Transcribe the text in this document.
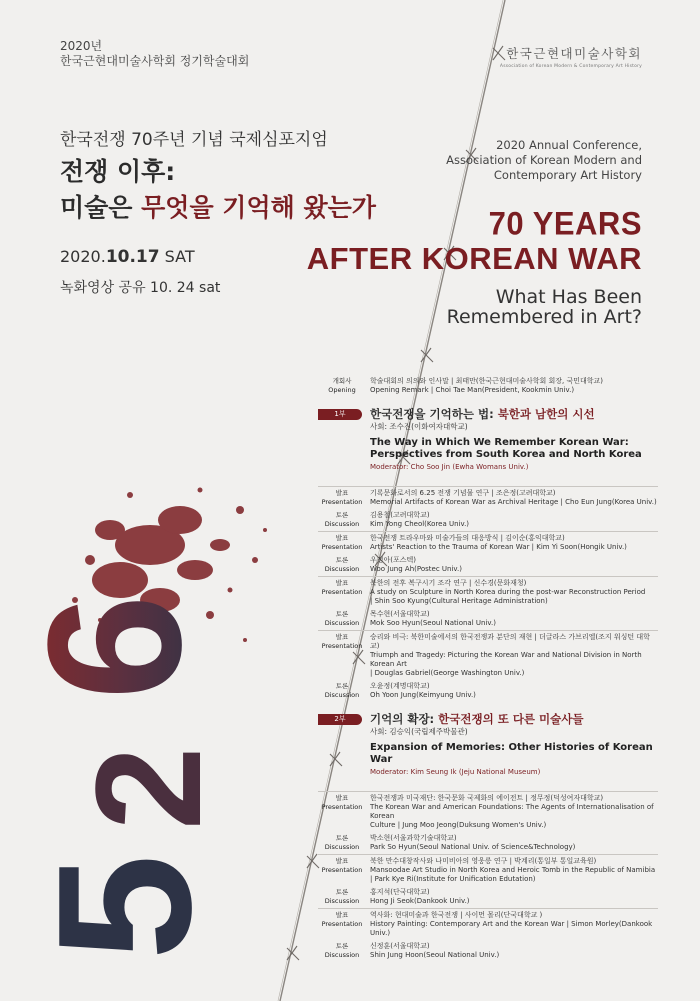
6
2
5
2020년
한국근현대미술사학회 정기학술대회	한국근현대미술사학회
Association of Korean Modern & Contemporary Art History
한국전쟁 70주년 기념 국제심포지엄
전쟁 이후:
미술은 무엇을 기억해 왔는가
2020.10.17 SAT
녹화영상 공유 10. 24 sat
2020 Annual Conference,
Association of Korean Modern and
Contemporary Art History
70 YEARS
AFTER KOREAN WAR
What Has Been
Remembered in Art?
개회사
Opening
학술대회의 의의와 인사말 | 최태만(한국근현대미술사학회 회장, 국민대학교)
Opening Remark | Choi Tae Man(President, Kookmin Univ.)
1부	한국전쟁을 기억하는 법: 북한과 남한의 시선
사회: 조수진(이화여자대학교)
The Way in Which We Remember Korean War:
Perspectives from South Korea and North Korea
Moderator: Cho Soo Jin (Ewha Womans Univ.)
발표
Presentation
기록문화로서의 6.25 전쟁 기념물 연구 | 조은정(고려대학교)
Memorial Artifacts of Korean War as Archival Heritage | Cho Eun Jung(Korea Univ.)
토론
Discussion
김용철(고려대학교)
Kim Yong Cheol(Korea Univ.)
발표
Presentation
한국전쟁 트라우마와 미술가들의 대응방식 | 김이순(홍익대학교)
Artists' Reaction to the Trauma of Korean War | Kim Yi Soon(Hongik Univ.)
토론
Discussion
우정아(포스텍)
Woo Jung Ah(Postec Univ.)
발표
Presentation
북한의 전후 복구시기 조각 연구 | 신수경(문화재청)
A study on Sculpture in North Korea during the post-war Reconstruction Period
| Shin Soo Kyung(Cultural Heritage Administration)
토론
Discussion
목수현(서울대학교)
Mok Soo Hyun(Seoul National Univ.)
발표
Presentation
승리와 비극: 북한미술에서의 한국전쟁과 분단의 재현 | 더글라스 가브리엘(조지 워싱턴 대학교)
Triumph and Tragedy: Picturing the Korean War and National Division in North Korean Art
| Douglas Gabriel(George Washington Univ.)
토론
Discussion
오윤정(계명대학교)
Oh Yoon Jung(Keimyung Univ.)
2부	기억의 확장: 한국전쟁의 또 다른 미술사들
사회: 김승익(국립제주박물관)
Expansion of Memories: Other Histories of Korean War
Moderator: Kim Seung Ik (Jeju National Museum)
발표
Presentation
한국전쟁과 미국재단: 한국문화 국제화의 에이전트 | 정무정(덕성여자대학교)
The Korean War and American Foundations: The Agents of Internationalisation of Korean
Culture | Jung Moo Jeong(Duksung Women's Univ.)
토론
Discussion
박소현(서울과학기술대학교)
Park So Hyun(Seoul National Univ. of Science&Technology)
발표
Presentation
북한 만수대창작사와 나미비아의 영웅릉 연구 | 박계리(통일부 통일교육원)
Mansoodae Art Studio in North Korea and Heroic Tomb in the Republic of Namibia
| Park Kye Ri(Institute for Unification Edutation)
토론
Discussion
홍지석(단국대학교)
Hong Ji Seok(Dankook Univ.)
발표
Presentation
역사화: 현대미술과 한국전쟁 | 사이먼 몰리(단국대학교 )
History Painting: Contemporary Art and the Korean War | Simon Morley(Dankook Univ.)
토론
Discussion
신정훈(서울대학교)
Shin Jung Hoon(Seoul National Univ.)
